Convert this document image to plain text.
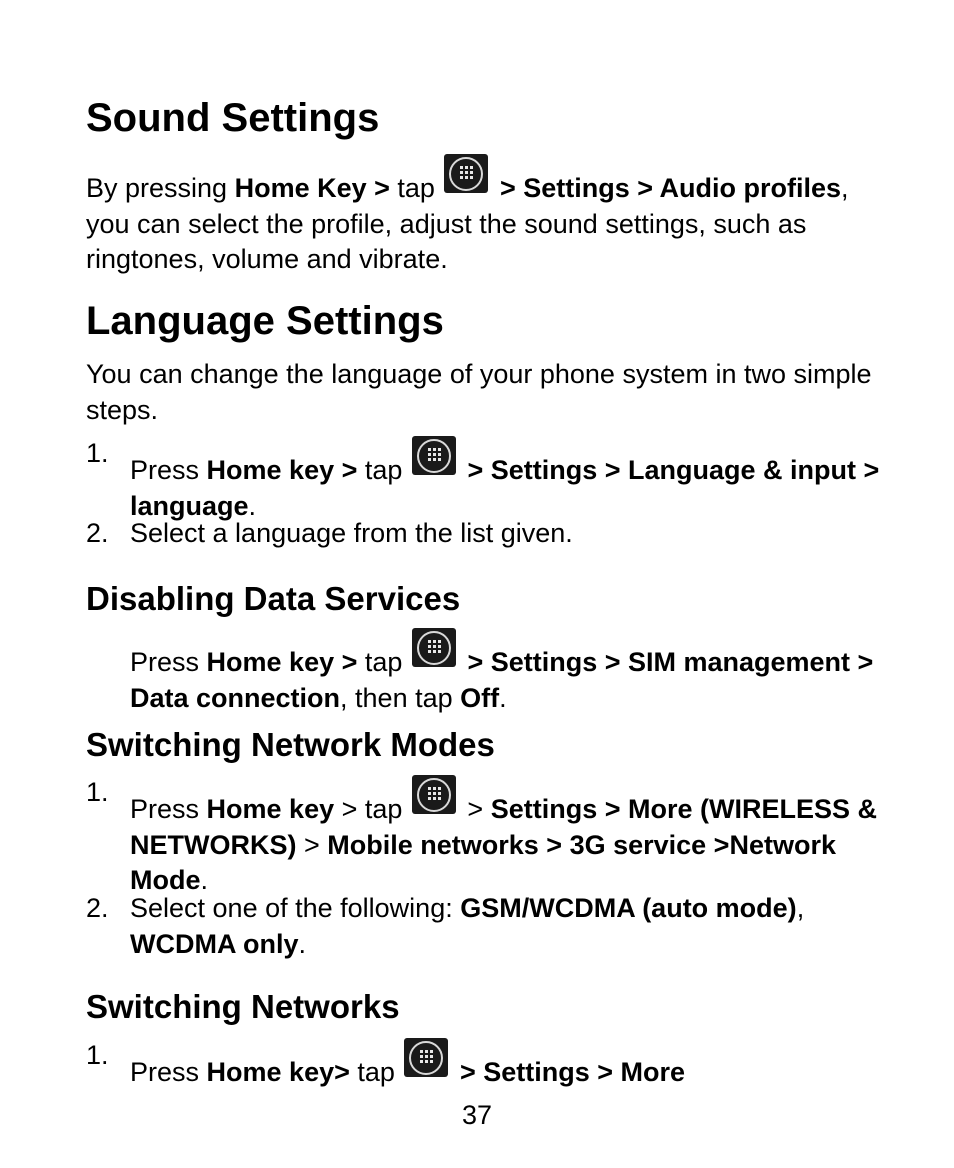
Sound Settings

By pressing Home Key > tap  > Settings > Audio profiles, you can select the profile, adjust the sound settings, such as ringtones, volume and vibrate.

Language Settings

You can change the language of your phone system in two simple steps.

1.
Press Home key > tap  > Settings > Language & input > language.
2. Select a language from the list given.
Disabling Data Services
Press Home key > tap  > Settings > SIM management > Data connection, then tap Off.
Switching Network Modes
1.
Press Home key > tap  > Settings > More (WIRELESS & NETWORKS) > Mobile networks > 3G service >Network Mode.
2. Select one of the following: GSM/WCDMA (auto mode), WCDMA only.
Switching Networks
1.
Press Home key> tap  > Settings > More
37
